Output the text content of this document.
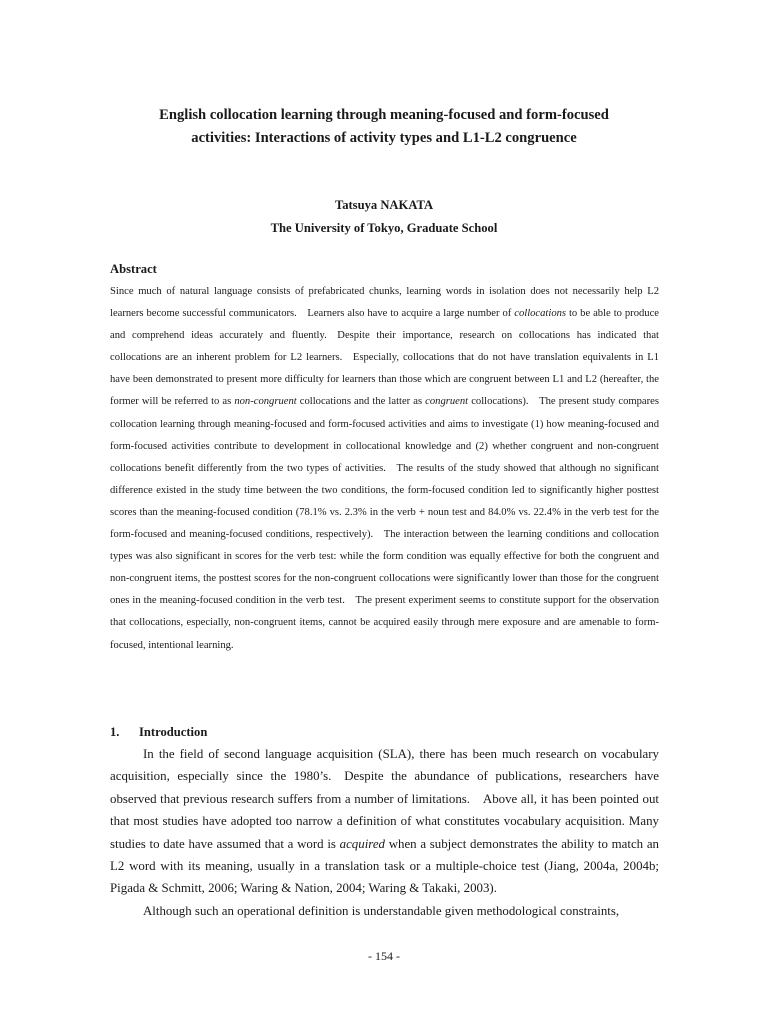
English collocation learning through meaning-focused and form-focused
activities: Interactions of activity types and L1-L2 congruence
Tatsuya NAKATA
The University of Tokyo, Graduate School
Abstract

Since much of natural language consists of prefabricated chunks, learning words in isolation does not necessarily help L2 learners become successful communicators. Learners also have to acquire a large number of collocations to be able to produce and comprehend ideas accurately and fluently. Despite their importance, research on collocations has indicated that collocations are an inherent problem for L2 learners. Especially, collocations that do not have translation equivalents in L1 have been demonstrated to present more difficulty for learners than those which are congruent between L1 and L2 (hereafter, the former will be referred to as non-congruent collocations and the latter as congruent collocations). The present study compares collocation learning through meaning-focused and form-focused activities and aims to investigate (1) how meaning-focused and form-focused activities contribute to development in collocational knowledge and (2) whether congruent and non-congruent collocations benefit differently from the two types of activities. The results of the study showed that although no significant difference existed in the study time between the two conditions, the form-focused condition led to significantly higher posttest scores than the meaning-focused condition (78.1% vs. 2.3% in the verb + noun test and 84.0% vs. 22.4% in the verb test for the form-focused and meaning-focused conditions, respectively). The interaction between the learning conditions and collocation types was also significant in scores for the verb test: while the form condition was equally effective for both the congruent and non-congruent items, the posttest scores for the non-congruent collocations were significantly lower than those for the congruent ones in the meaning-focused condition in the verb test. The present experiment seems to constitute support for the observation that collocations, especially, non-congruent items, cannot be acquired easily through mere exposure and are amenable to form-focused, intentional learning.

1. Introduction

In the field of second language acquisition (SLA), there has been much research on vocabulary acquisition, especially since the 1980’s. Despite the abundance of publications, researchers have observed that previous research suffers from a number of limitations. Above all, it has been pointed out that most studies have adopted too narrow a definition of what constitutes vocabulary acquisition. Many studies to date have assumed that a word is acquired when a subject demonstrates the ability to match an L2 word with its meaning, usually in a translation task or a multiple-choice test (Jiang, 2004a, 2004b; Pigada & Schmitt, 2006; Waring & Nation, 2004; Waring & Takaki, 2003).

Although such an operational definition is understandable given methodological constraints,

- 154 -
